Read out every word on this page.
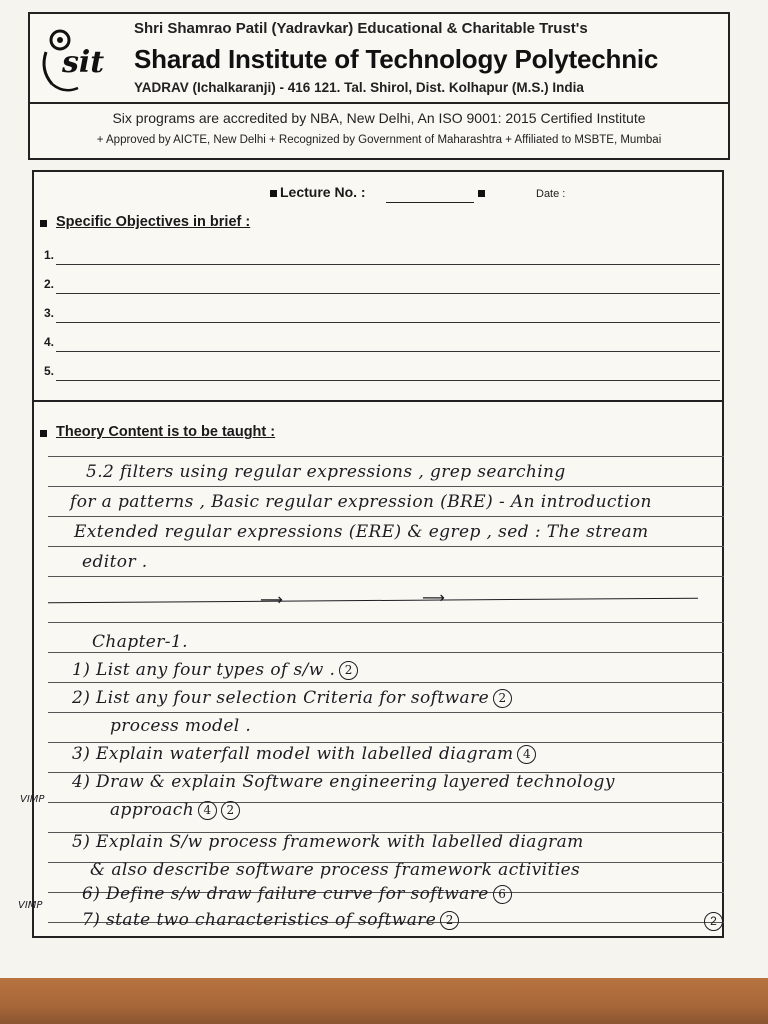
sit
Shri Shamrao Patil (Yadravkar) Educational & Charitable Trust's
Sharad Institute of Technology Polytechnic
YADRAV (Ichalkaranji) - 416 121. Tal. Shirol, Dist. Kolhapur (M.S.) India
Six programs are accredited by NBA, New Delhi, An ISO 9001: 2015 Certified Institute
+ Approved by AICTE, New Delhi + Recognized by Government of Maharashtra + Affiliated to MSBTE, Mumbai
Lecture No. :	Date :
Specific Objectives in brief :
1.
2.
3.
4.
5.
Theory Content is to be taught :
5.2 filters using regular expressions , grep searching
for a patterns , Basic regular expression (BRE) - An introduction
Extended regular expressions (ERE) & egrep , sed : The stream
editor .
⟶	⟶
Chapter-1.
1) List any four types of s/w . 2
2) List any four selection Criteria for software 2
process model .
3) Explain waterfall model with labelled diagram 4
4) Draw & explain Software engineering layered technology
approach 4 2
5) Explain S/w process framework with labelled diagram
& also describe software process framework activities
6) Define s/w draw failure curve for software 6
7) state two characteristics of software 2
VIMP
VIMP
2
